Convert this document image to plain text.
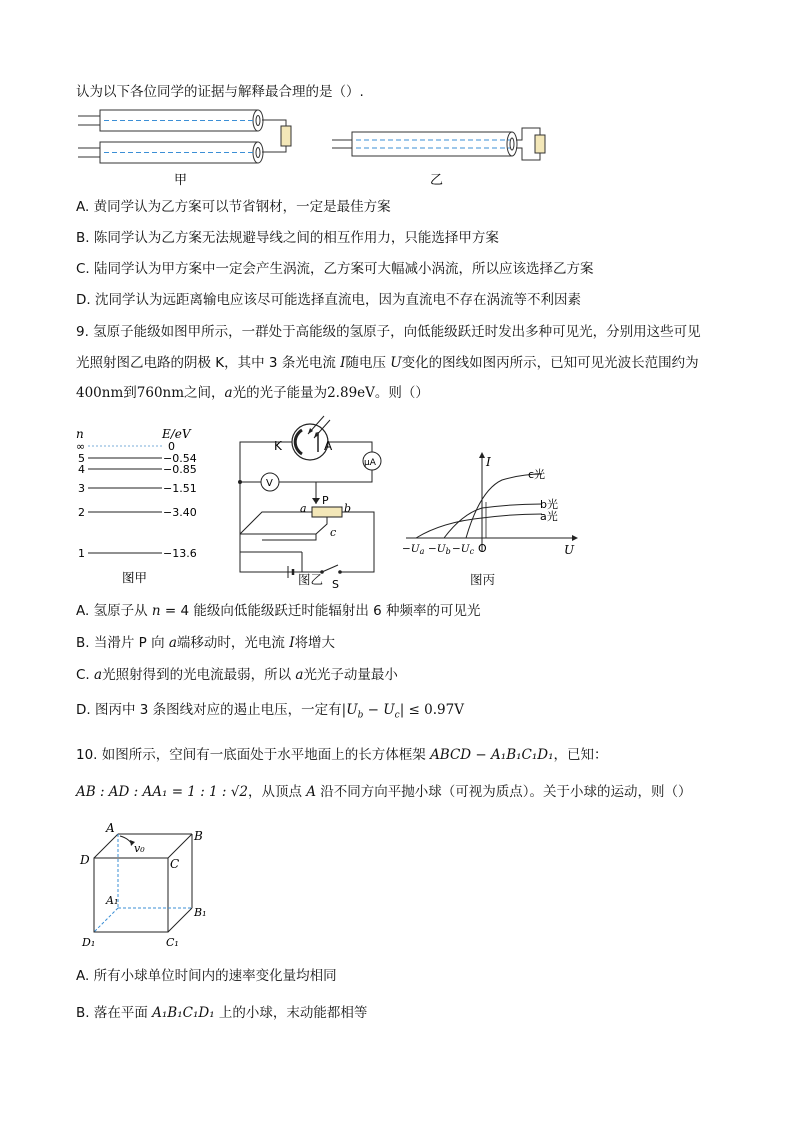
认为以下各位同学的证据与解释最合理的是（）.
甲	乙
A. 黄同学认为乙方案可以节省钢材，一定是最佳方案
B. 陈同学认为乙方案无法规避导线之间的相互作用力，只能选择甲方案
C. 陆同学认为甲方案中一定会产生涡流，乙方案可大幅减小涡流，所以应该选择乙方案
D. 沈同学认为远距离输电应该尽可能选择直流电，因为直流电不存在涡流等不利因素
9. 氢原子能级如图甲所示，一群处于高能级的氢原子，向低能级跃迁时发出多种可见光，分别用这些可见
光照射图乙电路的阴极 K，其中 3 条光电流 I随电压 U变化的图线如图丙所示，已知可见光波长范围约为
400nm到760nm之间，a光的光子能量为2.89eV。则（）
n	E/eV
∞	0
5	−0.54
4	−0.85
3	−1.51
2	−3.40
1	−13.6
图甲
K	A
μA
V
P
a	b
c
S
图乙
I
U
O
c光
b光
a光
−Ua −Ub −Uc
图丙
A. 氢原子从 n = 4 能级向低能级跃迁时能辐射出 6 种频率的可见光
B. 当滑片 P 向 a端移动时，光电流 I将增大
C. a光照射得到的光电流最弱，所以 a光光子动量最小
D. 图丙中 3 条图线对应的遏止电压，一定有$|U_b - U_c| \le 0.97V$
10. 如图所示，空间有一底面处于水平地面上的长方体框架 ABCD − A₁B₁C₁D₁，已知：
AB : AD : AA₁ = 1 : 1 : √2，从顶点 A 沿不同方向平抛小球（可视为质点）。关于小球的运动，则（）
v₀
A
B
D	C
A₁
B₁
D₁	C₁
A. 所有小球单位时间内的速率变化量均相同
B. 落在平面 A₁B₁C₁D₁ 上的小球，末动能都相等
